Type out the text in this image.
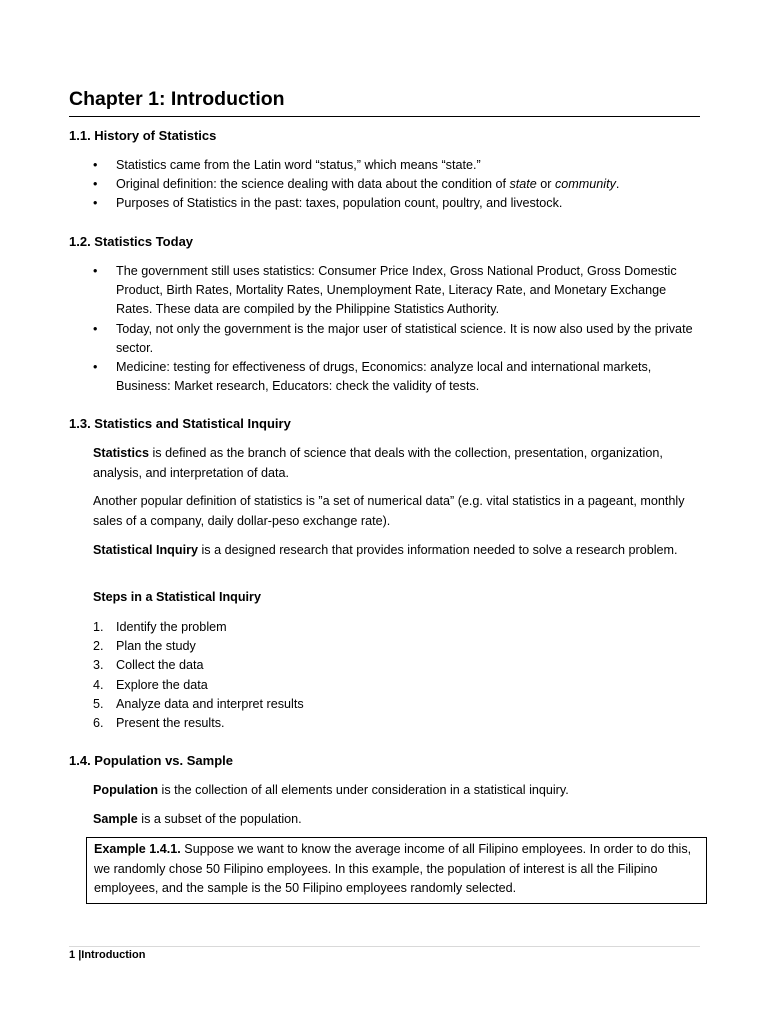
Chapter 1: Introduction
1.1. History of Statistics
• Statistics came from the Latin word “status,” which means “state.”
• Original definition: the science dealing with data about the condition of state or community.
• Purposes of Statistics in the past: taxes, population count, poultry, and livestock.
1.2. Statistics Today
• The government still uses statistics: Consumer Price Index, Gross National Product, Gross Domestic Product, Birth Rates, Mortality Rates, Unemployment Rate, Literacy Rate, and Monetary Exchange Rates. These data are compiled by the Philippine Statistics Authority.
• Today, not only the government is the major user of statistical science. It is now also used by the private sector.
• Medicine: testing for effectiveness of drugs, Economics: analyze local and international markets, Business: Market research, Educators: check the validity of tests.
1.3. Statistics and Statistical Inquiry

Statistics is defined as the branch of science that deals with the collection, presentation, organization, analysis, and interpretation of data.

Another popular definition of statistics is ”a set of numerical data” (e.g. vital statistics in a pageant, monthly sales of a company, daily dollar-peso exchange rate).

Statistical Inquiry is a designed research that provides information needed to solve a research problem.

Steps in a Statistical Inquiry
1. Identify the problem
2. Plan the study
3. Collect the data
4. Explore the data
5. Analyze data and interpret results
6. Present the results.
1.4. Population vs. Sample

Population is the collection of all elements under consideration in a statistical inquiry.

Sample is a subset of the population.

Example 1.4.1. Suppose we want to know the average income of all Filipino employees. In order to do this, we randomly chose 50 Filipino employees. In this example, the population of interest is all the Filipino employees, and the sample is the 50 Filipino employees randomly selected.
1 |Introduction
